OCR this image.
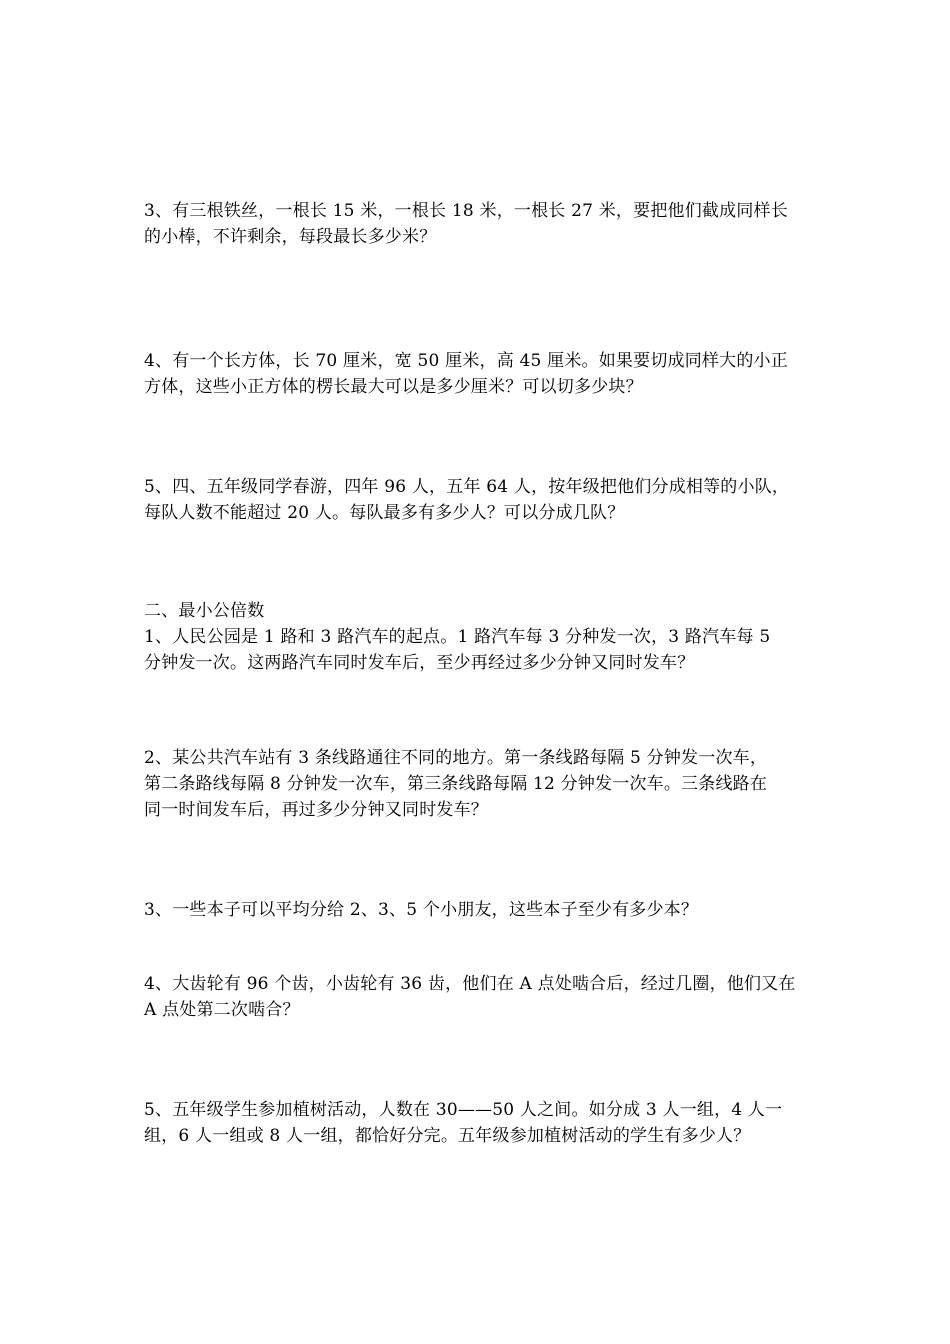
3、有三根铁丝，一根长 15 米，一根长 18 米，一根长 27 米，要把他们截成同样长
的小棒，不许剩余，每段最长多少米？
4、有一个长方体，长 70 厘米，宽 50 厘米，高 45 厘米。如果要切成同样大的小正
方体，这些小正方体的楞长最大可以是多少厘米？可以切多少块？
5、四、五年级同学春游，四年 96 人，五年 64 人，按年级把他们分成相等的小队，
每队人数不能超过 20 人。每队最多有多少人？可以分成几队？
二、最小公倍数
1、人民公园是 1 路和 3 路汽车的起点。1 路汽车每 3 分种发一次，3 路汽车每 5
分钟发一次。这两路汽车同时发车后，至少再经过多少分钟又同时发车？
2、某公共汽车站有 3 条线路通往不同的地方。第一条线路每隔 5 分钟发一次车，
第二条路线每隔 8 分钟发一次车，第三条线路每隔 12 分钟发一次车。三条线路在
同一时间发车后，再过多少分钟又同时发车？
3、一些本子可以平均分给 2、3、5 个小朋友，这些本子至少有多少本？
4、大齿轮有 96 个齿，小齿轮有 36 齿，他们在 A 点处啮合后，经过几圈，他们又在
A 点处第二次啮合？
5、五年级学生参加植树活动，人数在 30——50 人之间。如分成 3 人一组，4 人一
组，6 人一组或 8 人一组，都恰好分完。五年级参加植树活动的学生有多少人？
